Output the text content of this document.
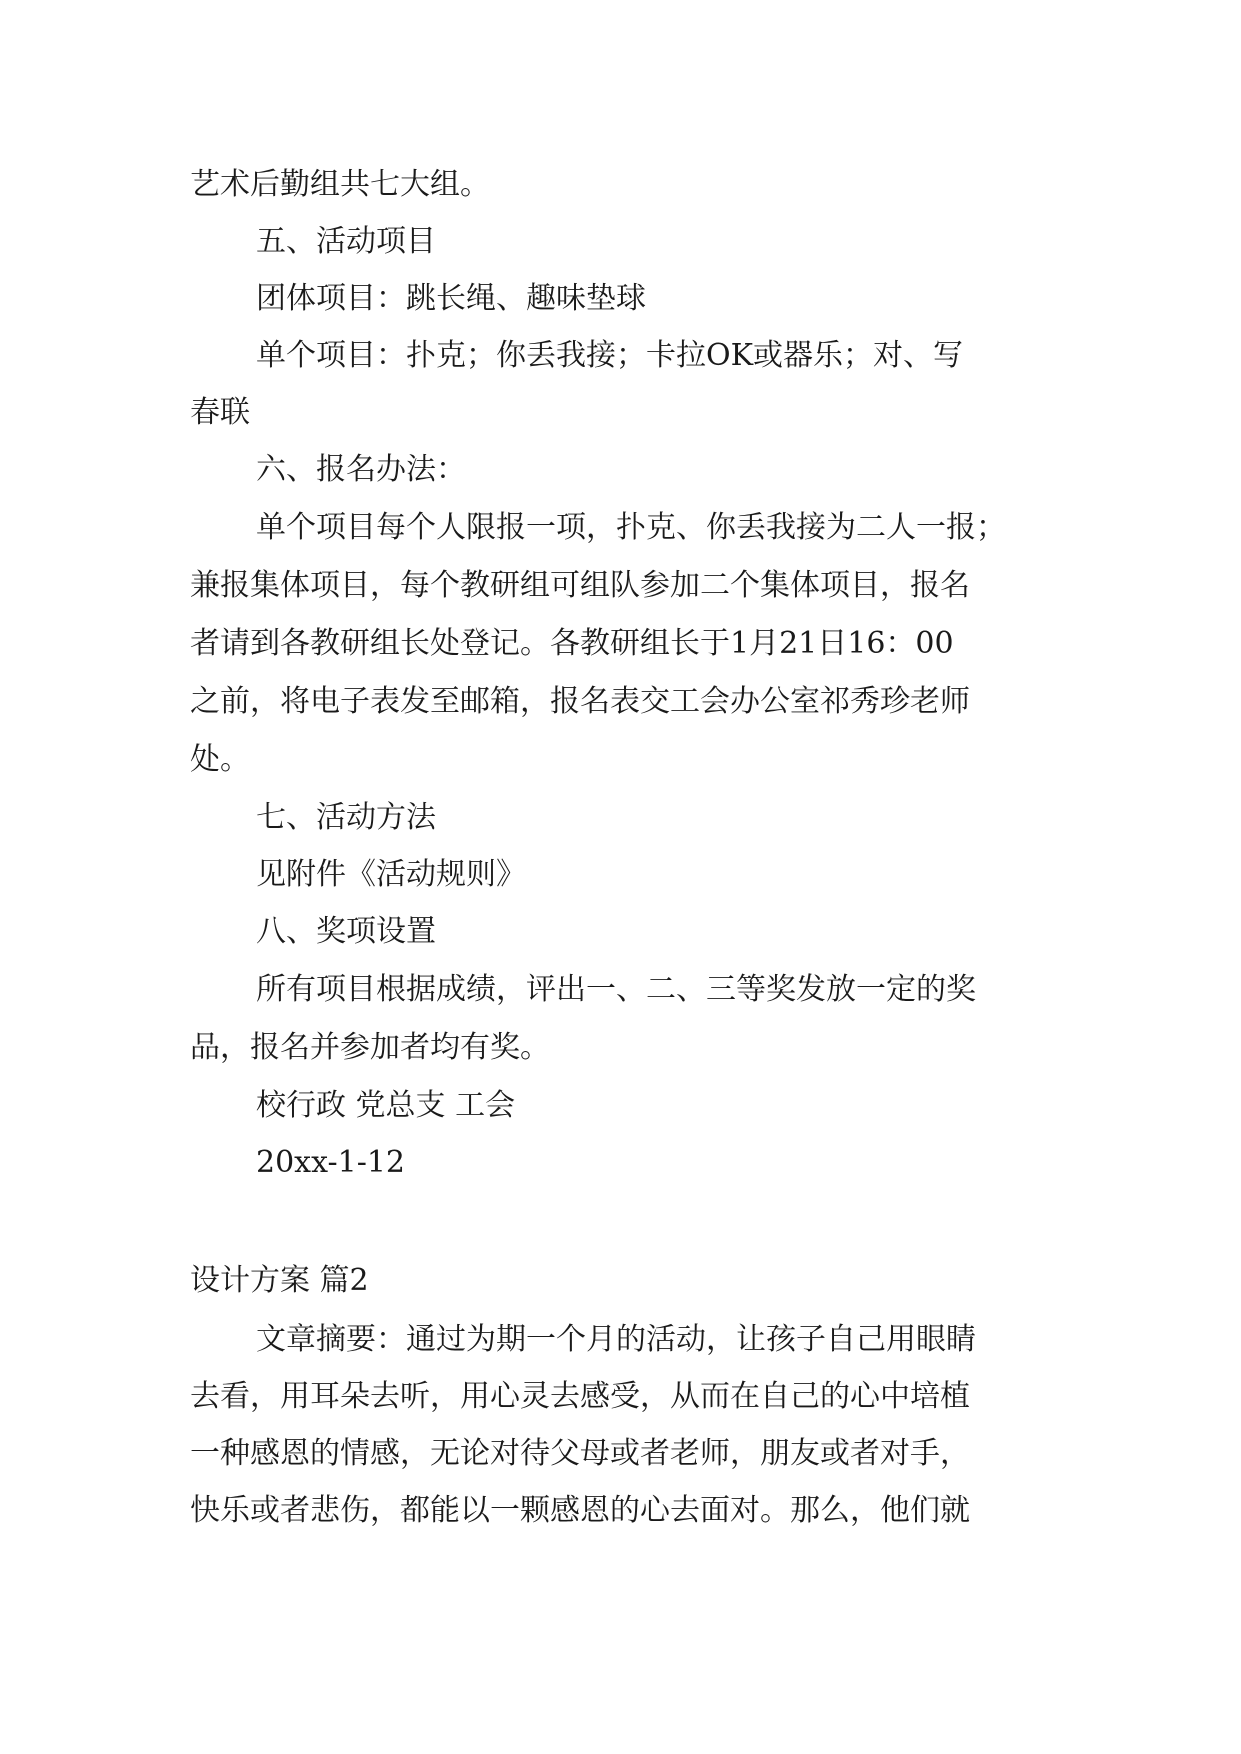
艺术后勤组共七大组。
五、活动项目
团体项目：跳长绳、趣味垫球
单个项目：扑克；你丢我接；卡拉OK或器乐；对、写
春联
六、报名办法：
单个项目每个人限报一项，扑克、你丢我接为二人一报；
兼报集体项目，每个教研组可组队参加二个集体项目，报名
者请到各教研组长处登记。各教研组长于1月21日16：00
之前，将电子表发至邮箱，报名表交工会办公室祁秀珍老师
处。
七、活动方法
见附件《活动规则》
八、奖项设置
所有项目根据成绩，评出一、二、三等奖发放一定的奖
品，报名并参加者均有奖。
校行政 党总支 工会
20xx-1-12
设计方案 篇2
文章摘要：通过为期一个月的活动，让孩子自己用眼睛
去看，用耳朵去听，用心灵去感受，从而在自己的心中培植
一种感恩的情感，无论对待父母或者老师，朋友或者对手，
快乐或者悲伤，都能以一颗感恩的心去面对。那么，他们就
